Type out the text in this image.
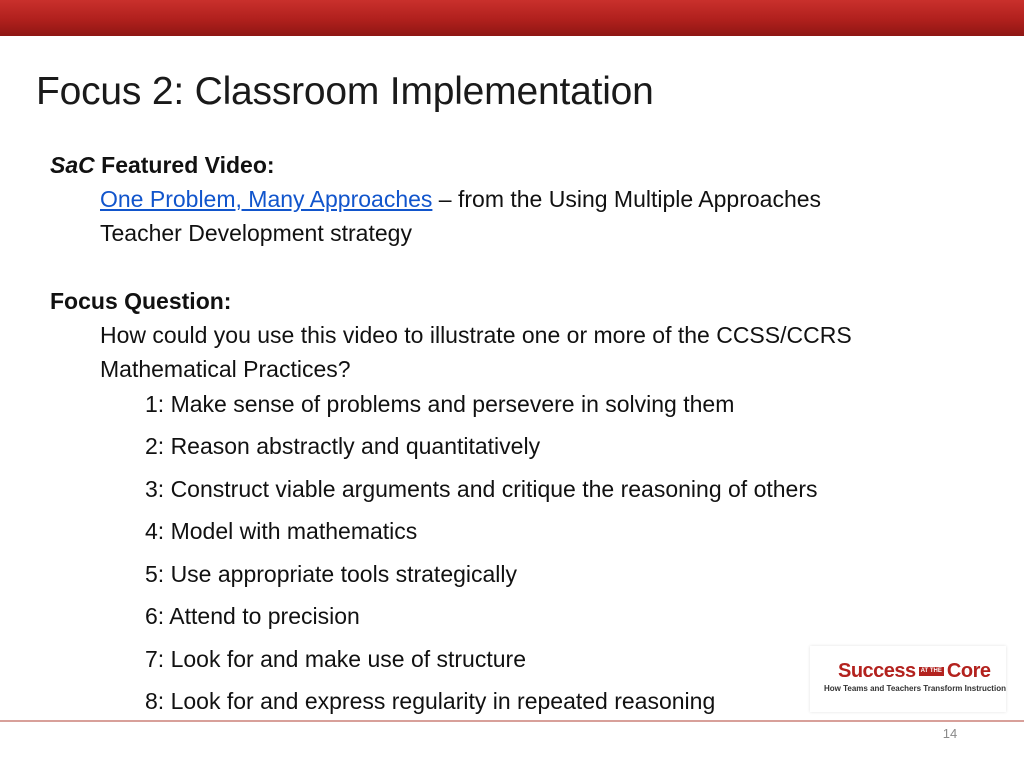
Focus 2: Classroom Implementation
SaC Featured Video:
One Problem, Many Approaches – from the Using Multiple Approaches
Teacher Development strategy
Focus Question:
How could you use this video to illustrate one or more of the CCSS/CCRS
Mathematical Practices?
1: Make sense of problems and persevere in solving them
2: Reason abstractly and quantitatively
3: Construct viable arguments and critique the reasoning of others
4: Model with mathematics
5: Use appropriate tools strategically
6: Attend to precision
7: Look for and make use of structure
8: Look for and express regularity in repeated reasoning
Success AT THE Core
How Teams and Teachers Transform Instruction
14
